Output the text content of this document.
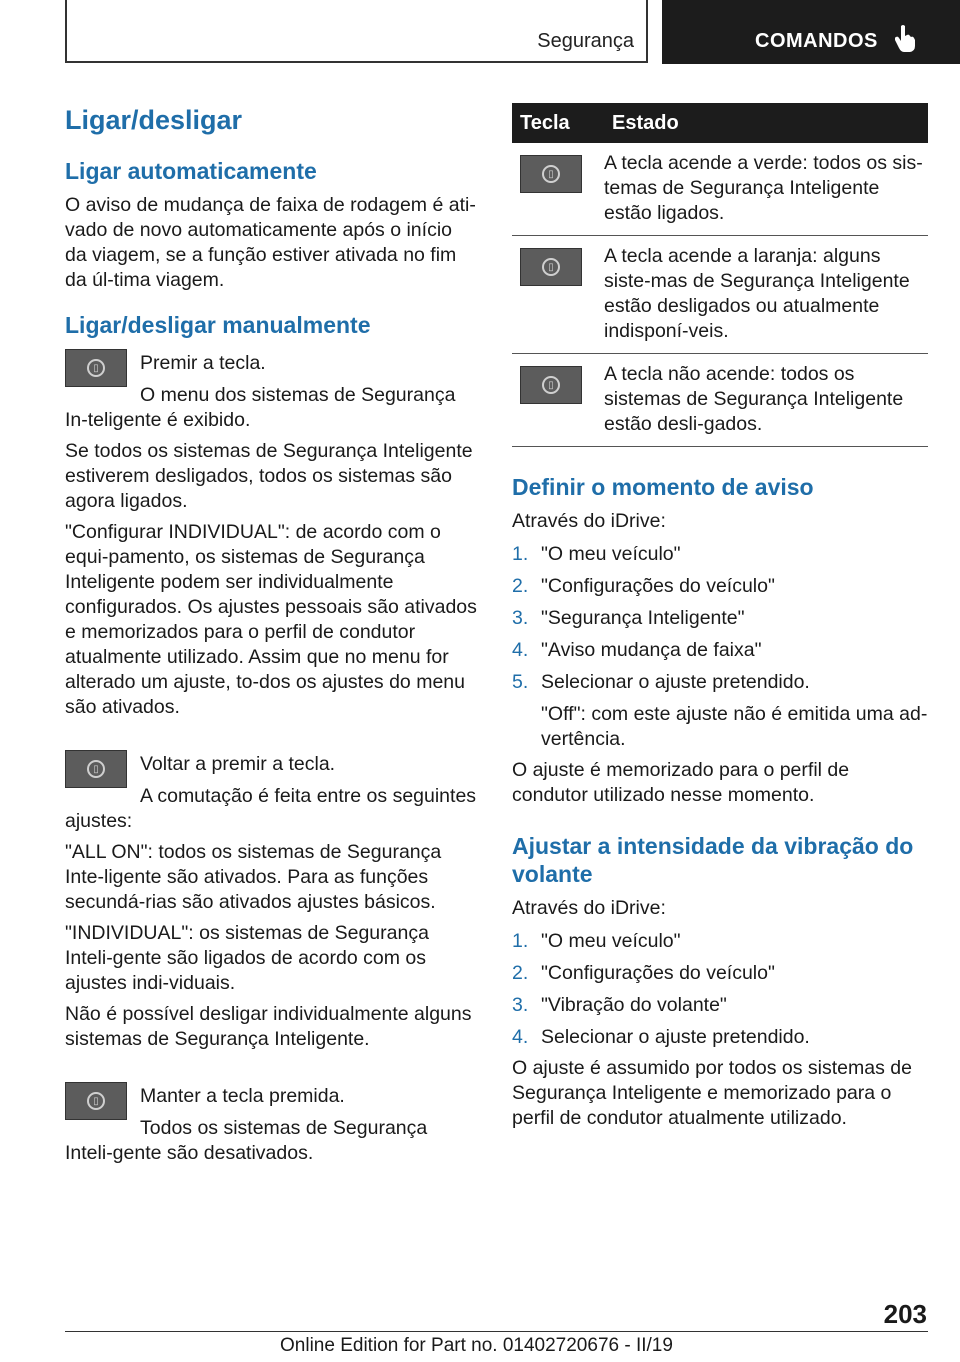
Segurança	COMANDOS
Ligar/desligar
Ligar automaticamente

O aviso de mudança de faixa de rodagem é ati-vado de novo automaticamente após o início da viagem, se a função estiver ativada no fim da úl-tima viagem.

Ligar/desligar manualmente
▯	Premir a tecla.

O menu dos sistemas de Segurança In-teligente é exibido.

Se todos os sistemas de Segurança Inteligente estiverem desligados, todos os sistemas são agora ligados.

"Configurar INDIVIDUAL": de acordo com o equi-pamento, os sistemas de Segurança Inteligente podem ser individualmente configurados. Os ajustes pessoais são ativados e memorizados para o perfil de condutor atualmente utilizado. Assim que no menu for alterado um ajuste, to-dos os ajustes do menu são ativados.

▯	Voltar a premir a tecla.

A comutação é feita entre os seguintes ajustes:

"ALL ON": todos os sistemas de Segurança Inte-ligente são ativados. Para as funções secundá-rias são ativados ajustes básicos.

"INDIVIDUAL": os sistemas de Segurança Inteli-gente são ligados de acordo com os ajustes indi-viduais.

Não é possível desligar individualmente alguns sistemas de Segurança Inteligente.

▯	Manter a tecla premida.

Todos os sistemas de Segurança Inteli-gente são desativados.

Tecla	Estado

▯	A tecla acende a verde: todos os sis-temas de Segurança Inteligente estão ligados.

▯	A tecla acende a laranja: alguns siste-mas de Segurança Inteligente estão desligados ou atualmente indisponí-veis.

▯	A tecla não acende: todos os sistemas de Segurança Inteligente estão desli-gados.
Definir o momento de aviso

Através do iDrive:

1. "O meu veículo"
2. "Configurações do veículo"
3. "Segurança Inteligente"
4. "Aviso mudança de faixa"
5. Selecionar o ajuste pretendido.

"Off": com este ajuste não é emitida uma ad-vertência.

O ajuste é memorizado para o perfil de condutor utilizado nesse momento.

Ajustar a intensidade da vibração do volante

Através do iDrive:

1. "O meu veículo"
2. "Configurações do veículo"
3. "Vibração do volante"
4. Selecionar o ajuste pretendido.

O ajuste é assumido por todos os sistemas de Segurança Inteligente e memorizado para o perfil de condutor atualmente utilizado.

203
Online Edition for Part no. 01402720676 - II/19
